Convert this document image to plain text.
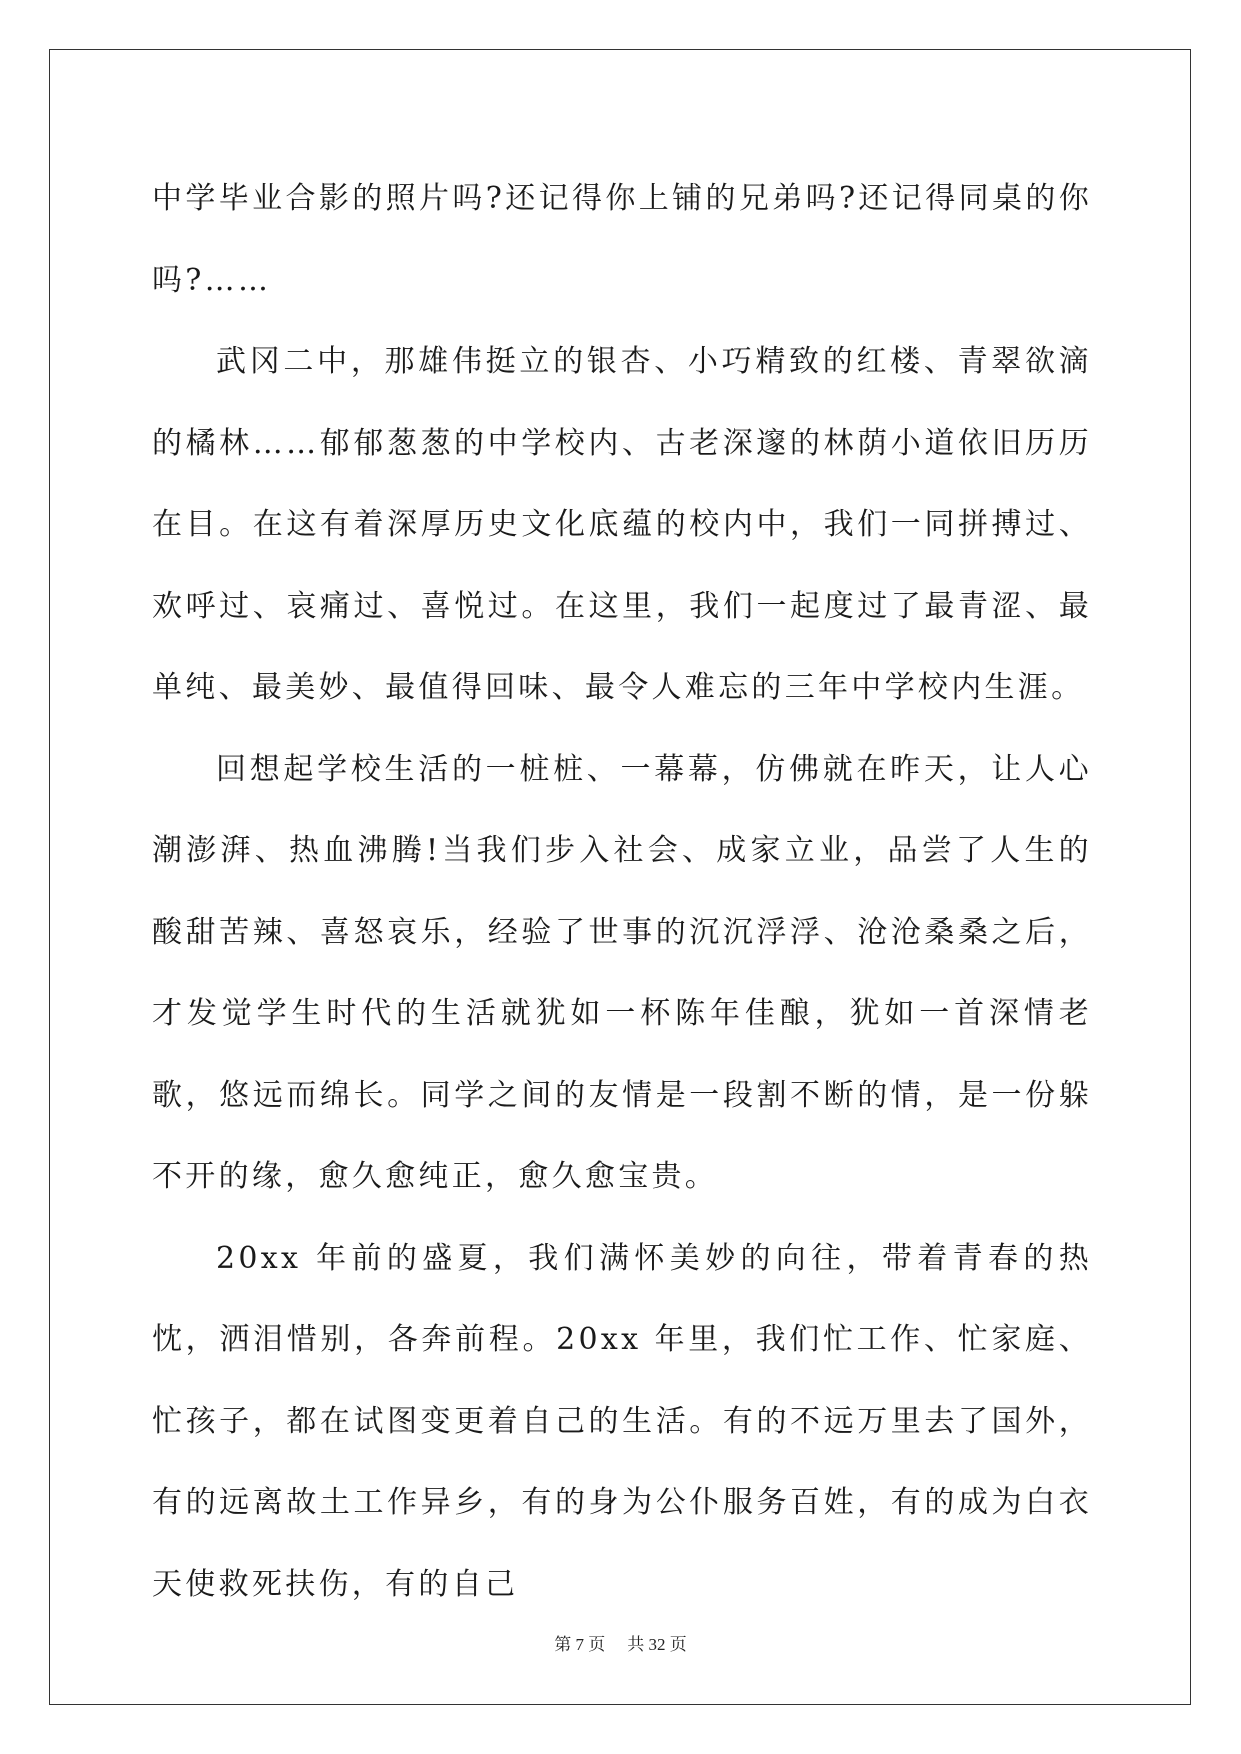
中学毕业合影的照片吗?还记得你上铺的兄弟吗?还记得同桌的你吗?……

武冈二中，那雄伟挺立的银杏、小巧精致的红楼、青翠欲滴的橘林……郁郁葱葱的中学校内、古老深邃的林荫小道依旧历历在目。在这有着深厚历史文化底蕴的校内中，我们一同拼搏过、欢呼过、哀痛过、喜悦过。在这里，我们一起度过了最青涩、最单纯、最美妙、最值得回味、最令人难忘的三年中学校内生涯。

回想起学校生活的一桩桩、一幕幕，仿佛就在昨天，让人心潮澎湃、热血沸腾!当我们步入社会、成家立业，品尝了人生的酸甜苦辣、喜怒哀乐，经验了世事的沉沉浮浮、沧沧桑桑之后，才发觉学生时代的生活就犹如一杯陈年佳酿，犹如一首深情老歌，悠远而绵长。同学之间的友情是一段割不断的情，是一份躲不开的缘，愈久愈纯正，愈久愈宝贵。

20xx 年前的盛夏，我们满怀美妙的向往，带着青春的热忱，洒泪惜别，各奔前程。20xx 年里，我们忙工作、忙家庭、忙孩子，都在试图变更着自己的生活。有的不远万里去了国外，有的远离故土工作异乡，有的身为公仆服务百姓，有的成为白衣天使救死扶伤，有的自己

第 7 页 共 32 页
